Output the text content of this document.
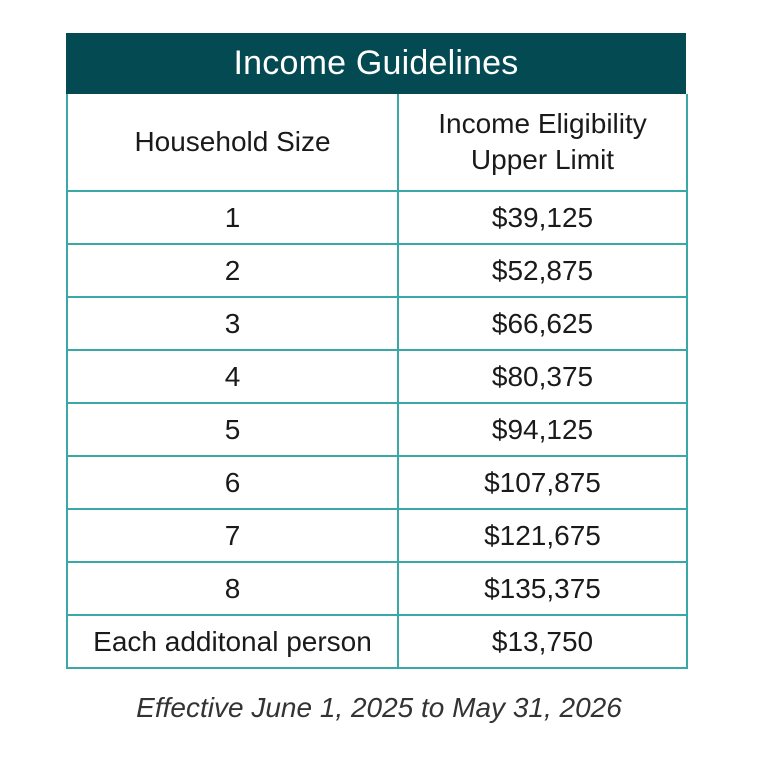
Income Guidelines
Household Size	Income Eligibility
Upper Limit
1	$39,125
2	$52,875
3	$66,625
4	$80,375
5	$94,125
6	$107,875
7	$121,675
8	$135,375
Each additonal person	$13,750
Effective June 1, 2025 to May 31, 2026
